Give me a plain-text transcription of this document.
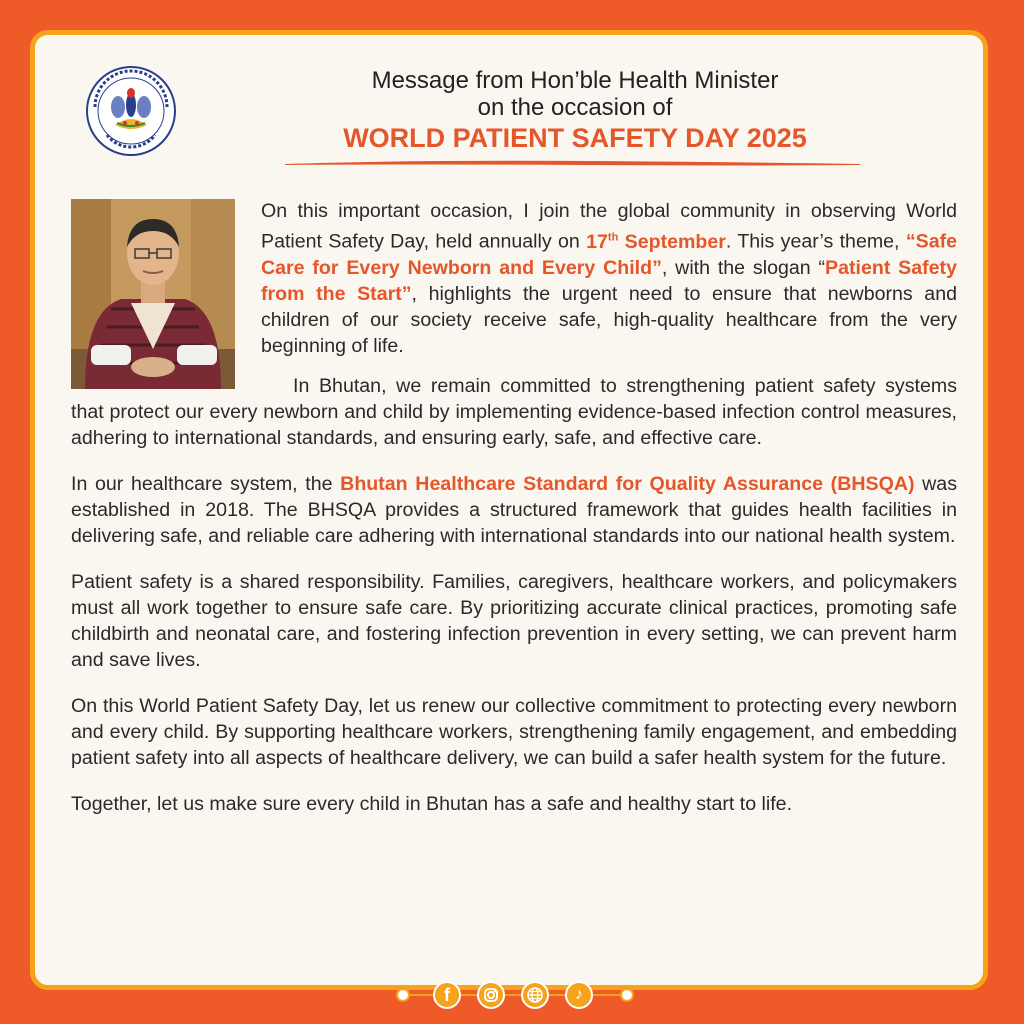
Message from Hon’ble Health Minister
on the occasion of
WORLD PATIENT SAFETY DAY 2025

On this important occasion, I join the global community in observing World Patient Safety Day, held annually on 17th September. This year’s theme, “Safe Care for Every Newborn and Every Child”, with the slogan “Patient Safety from the Start”, highlights the urgent need to ensure that newborns and children of our society receive safe, high-quality healthcare from the very beginning of life.

In Bhutan, we remain committed to strengthening patient safety systems that protect our every newborn and child by implementing evidence-based infection control measures, adhering to international standards, and ensuring early, safe, and effective care.

In our healthcare system, the Bhutan Healthcare Standard for Quality Assurance (BHSQA) was established in 2018. The BHSQA provides a structured framework that guides health facilities in delivering safe, and reliable care adhering with international standards into our national health system.

Patient safety is a shared responsibility. Families, caregivers, healthcare workers, and policymakers must all work together to ensure safe care. By prioritizing accurate clinical practices, promoting safe childbirth and neonatal care, and fostering infection prevention in every setting, we can prevent harm and save lives.

On this World Patient Safety Day, let us renew our collective commitment to protecting every newborn and every child. By supporting healthcare workers, strengthening family engagement, and embedding patient safety into all aspects of healthcare delivery, we can build a safer health system for the future.

Together, let us make sure every child in Bhutan has a safe and healthy start to life.

f	♪
